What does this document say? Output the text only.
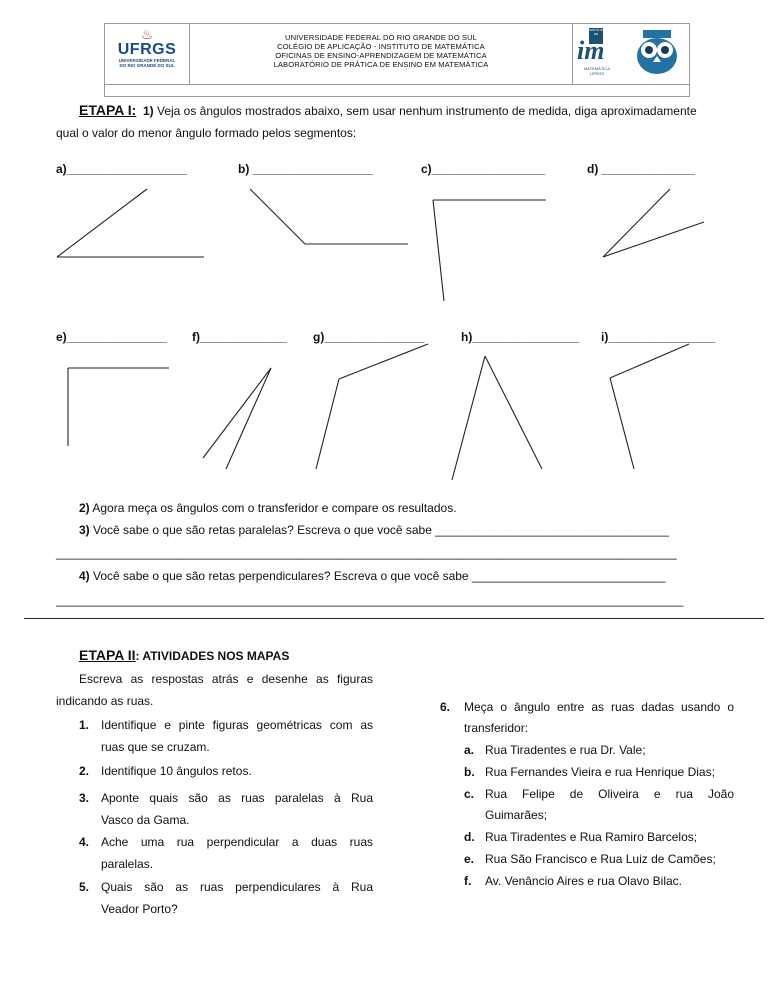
♨
UFRGS
UNIVERSIDADE FEDERAL
DO RIO GRANDE DO SUL
UNIVERSIDADE FEDERAL DO RIO GRANDE DO SUL
COLÉGIO DE APLICAÇÃO - INSTITUTO DE MATEMÁTICA
OFICINAS DE ENSINO-APRENDIZAGEM DE MATEMÁTICA
LABORATÓRIO DE PRÁTICA DE ENSINO EM MATEMÁTICA
INSTITUTO DE
im
MATEMÁTICA UFRGS
ETAPA I: 1) Veja os ângulos mostrados abaixo, sem usar nenhum instrumento de medida, diga aproximadamente
qual o valor do menor ângulo formado pelos segmentos:
a)__________________	b) __________________	c)_________________	d) ______________
e)_______________ f)_____________ g)_______________	h)________________ i)________________
2) Agora meça os ângulos com o transferidor e compare os resultados.
3) Você sabe o que são retas paralelas? Escreva o que você sabe ___________________________________
_____________________________________________________________________________________________
4) Você sabe o que são retas perpendiculares? Escreva o que você sabe _____________________________
______________________________________________________________________________________________
ETAPA II: ATIVIDADES NOS MAPAS
Escreva as respostas atrás e desenhe as figuras
indicando as ruas.
1. Identifique e pinte figuras geométricas com as
ruas que se cruzam.
2. Identifique 10 ângulos retos.
3. Aponte quais são as ruas paralelas à Rua
Vasco da Gama.
4. Ache uma rua perpendicular a duas ruas
paralelas.
5. Quais são as ruas perpendiculares à Rua
Veador Porto?
6. Meça o ângulo entre as ruas dadas usando o
transferidor:
a. Rua Tiradentes e rua Dr. Vale;
b. Rua Fernandes Vieira e rua Henrique Dias;
c. Rua Felipe de Oliveira e rua João
Guimarães;
d. Rua Tiradentes e Rua Ramiro Barcelos;
e. Rua São Francisco e Rua Luiz de Camões;
f. Av. Venâncio Aires e rua Olavo Bilac.
